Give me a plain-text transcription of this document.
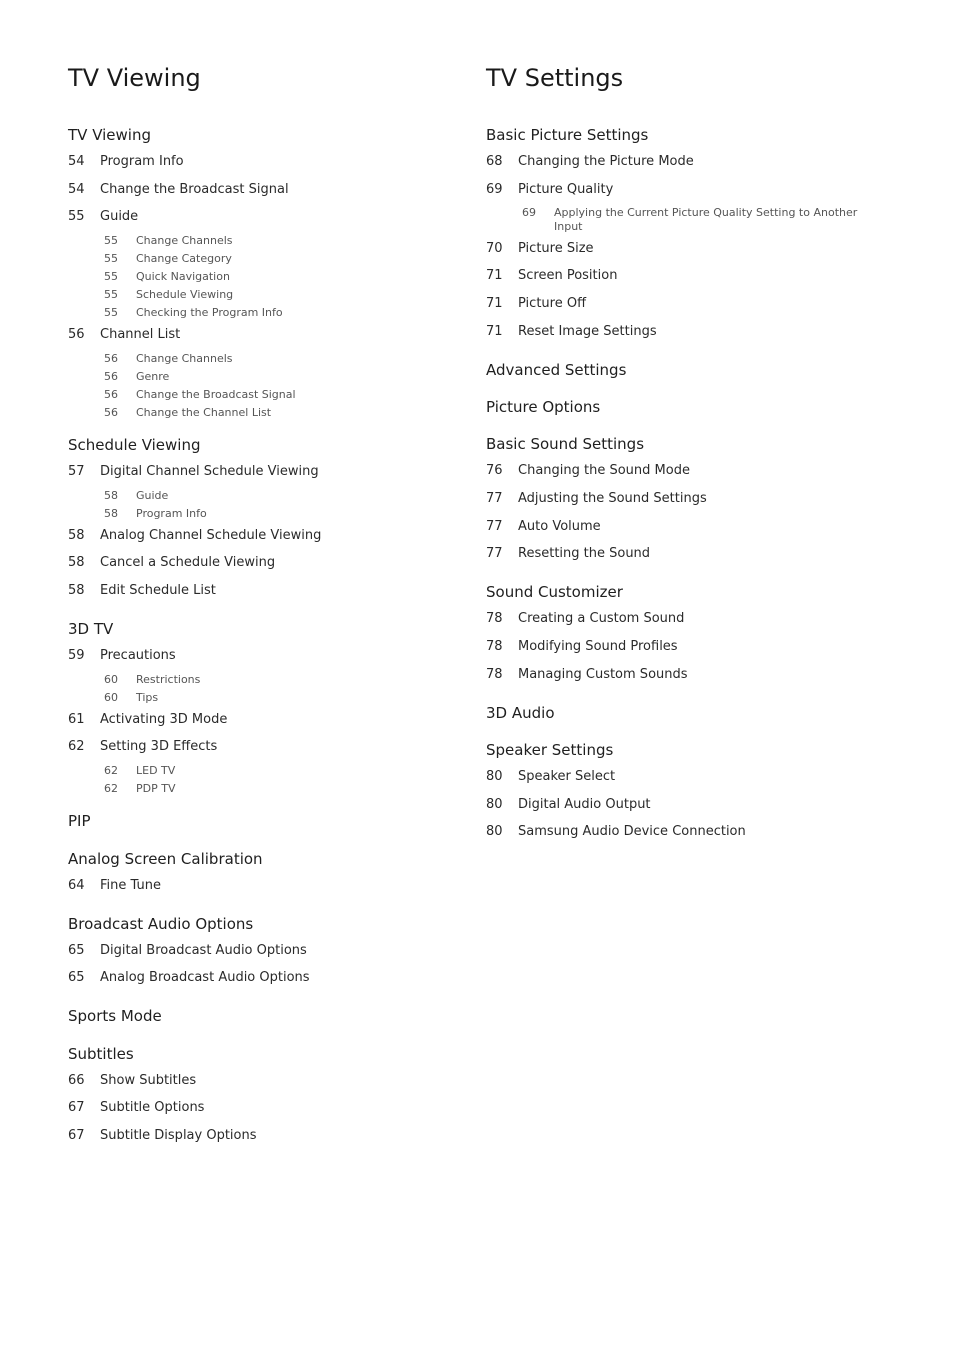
TV Viewing
TV Viewing
54 Program Info
54 Change the Broadcast Signal
55 Guide
55 Change Channels
55 Change Category
55 Quick Navigation
55 Schedule Viewing
55 Checking the Program Info
56 Channel List
56 Change Channels
56 Genre
56 Change the Broadcast Signal
56 Change the Channel List
Schedule Viewing
57 Digital Channel Schedule Viewing
58 Guide
58 Program Info
58 Analog Channel Schedule Viewing
58 Cancel a Schedule Viewing
58 Edit Schedule List
3D TV
59 Precautions
60 Restrictions
60 Tips
61 Activating 3D Mode
62 Setting 3D Effects
62 LED TV
62 PDP TV
PIP
Analog Screen Calibration
64 Fine Tune
Broadcast Audio Options
65 Digital Broadcast Audio Options
65 Analog Broadcast Audio Options
Sports Mode
Subtitles
66 Show Subtitles
67 Subtitle Options
67 Subtitle Display Options
TV Settings
Basic Picture Settings
68 Changing the Picture Mode
69 Picture Quality
69 Applying the Current Picture Quality Setting to Another Input
70 Picture Size
71 Screen Position
71 Picture Off
71 Reset Image Settings
Advanced Settings
Picture Options
Basic Sound Settings
76 Changing the Sound Mode
77 Adjusting the Sound Settings
77 Auto Volume
77 Resetting the Sound
Sound Customizer
78 Creating a Custom Sound
78 Modifying Sound Profiles
78 Managing Custom Sounds
3D Audio
Speaker Settings
80 Speaker Select
80 Digital Audio Output
80 Samsung Audio Device Connection
